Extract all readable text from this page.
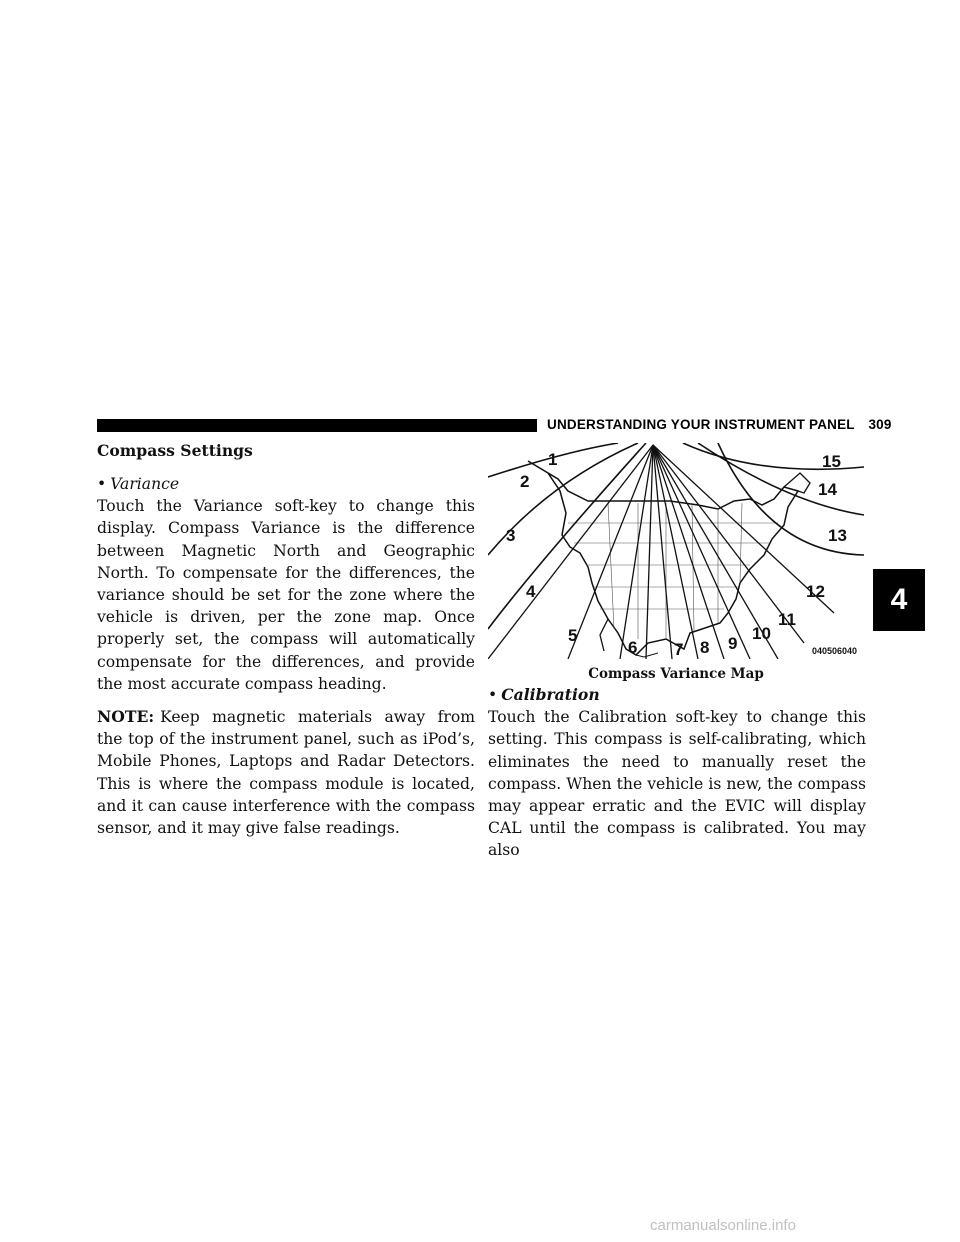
UNDERSTANDING YOUR INSTRUMENT PANEL 309
Compass Settings
• Variance

Touch the Variance soft-key to change this display. Compass Variance is the difference between Magnetic North and Geographic North. To compensate for the differences, the variance should be set for the zone where the vehicle is driven, per the zone map. Once properly set, the compass will automatically compensate for the differences, and provide the most accurate compass heading.

NOTE: Keep magnetic materials away from the top of the instrument panel, such as iPod’s, Mobile Phones, Laptops and Radar Detectors. This is where the compass module is located, and it can cause interference with the compass sensor, and it may give false readings.

1
2
3
4
5
6 7 8 9
10
11
12
13
14
15
040506040
Compass Variance Map
• Calibration

Touch the Calibration soft-key to change this setting. This compass is self-calibrating, which eliminates the need to manually reset the compass. When the vehicle is new, the compass may appear erratic and the EVIC will display CAL until the compass is calibrated. You may also

4
carmanualsonline.info
